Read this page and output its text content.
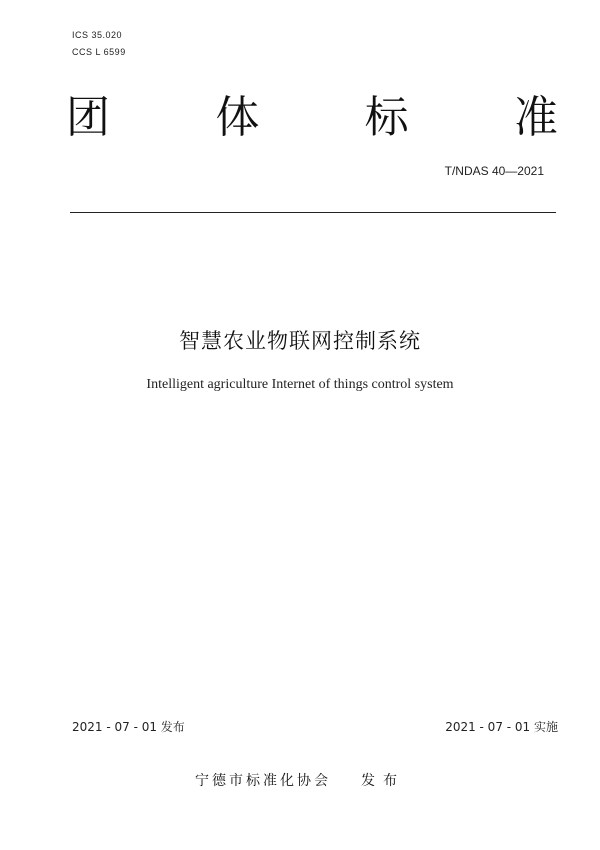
ICS 35.020
CCS L 6599
团 体 标 准
T/NDAS 40—2021
智慧农业物联网控制系统
Intelligent agriculture Internet of things control system
2021 - 07 - 01 发布	2021 - 07 - 01 实施
宁德市标准化协会 发布
